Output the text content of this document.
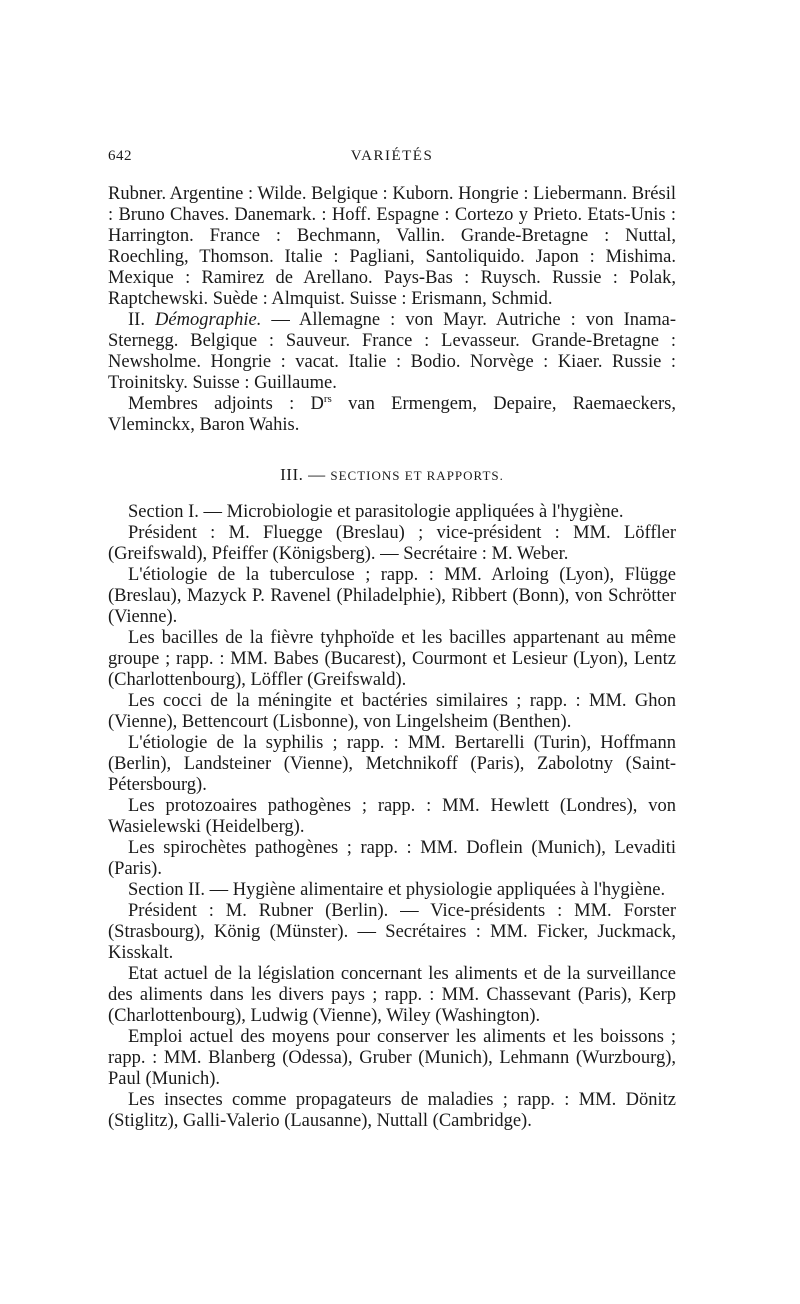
642	VARIÉTÉS

Rubner. Argentine : Wilde. Belgique : Kuborn. Hongrie : Liebermann. Brésil : Bruno Chaves. Danemark. : Hoff. Espagne : Cortezo y Prieto. Etats-Unis : Harrington. France : Bechmann, Vallin. Grande-Bretagne : Nuttal, Roechling, Thomson. Italie : Pagliani, Santoliquido. Japon : Mishima. Mexique : Ramirez de Arellano. Pays-Bas : Ruysch. Russie : Polak, Raptchewski. Suède : Almquist. Suisse : Erismann, Schmid.

II. Démographie. — Allemagne : von Mayr. Autriche : von Inama-Sternegg. Belgique : Sauveur. France : Levasseur. Grande-Bretagne : Newsholme. Hongrie : vacat. Italie : Bodio. Norvège : Kiaer. Russie : Troinitsky. Suisse : Guillaume.

Membres adjoints : $D^{rs}$ van Ermengem, Depaire, Raemaeckers, Vleminckx, Baron Wahis.

III. — SECTIONS ET RAPPORTS.

Section I. — Microbiologie et parasitologie appliquées à l'hygiène.

Président : M. Fluegge (Breslau) ; vice-président : MM. Löffler (Greifswald), Pfeiffer (Königsberg). — Secrétaire : M. Weber.

L'étiologie de la tuberculose ; rapp. : MM. Arloing (Lyon), Flügge (Breslau), Mazyck P. Ravenel (Philadelphie), Ribbert (Bonn), von Schrötter (Vienne).

Les bacilles de la fièvre tyhphoïde et les bacilles appartenant au même groupe ; rapp. : MM. Babes (Bucarest), Courmont et Lesieur (Lyon), Lentz (Charlottenbourg), Löffler (Greifswald).

Les cocci de la méningite et bactéries similaires ; rapp. : MM. Ghon (Vienne), Bettencourt (Lisbonne), von Lingelsheim (Benthen).

L'étiologie de la syphilis ; rapp. : MM. Bertarelli (Turin), Hoffmann (Berlin), Landsteiner (Vienne), Metchnikoff (Paris), Zabolotny (Saint-Pétersbourg).

Les protozoaires pathogènes ; rapp. : MM. Hewlett (Londres), von Wasielewski (Heidelberg).

Les spirochètes pathogènes ; rapp. : MM. Doflein (Munich), Levaditi (Paris).

Section II. — Hygiène alimentaire et physiologie appliquées à l'hygiène.

Président : M. Rubner (Berlin). — Vice-présidents : MM. Forster (Strasbourg), König (Münster). — Secrétaires : MM. Ficker, Juckmack, Kisskalt.

Etat actuel de la législation concernant les aliments et de la surveillance des aliments dans les divers pays ; rapp. : MM. Chassevant (Paris), Kerp (Charlottenbourg), Ludwig (Vienne), Wiley (Washington).

Emploi actuel des moyens pour conserver les aliments et les boissons ; rapp. : MM. Blanberg (Odessa), Gruber (Munich), Lehmann (Wurzbourg), Paul (Munich).

Les insectes comme propagateurs de maladies ; rapp. : MM. Dönitz (Stiglitz), Galli-Valerio (Lausanne), Nuttall (Cambridge).
